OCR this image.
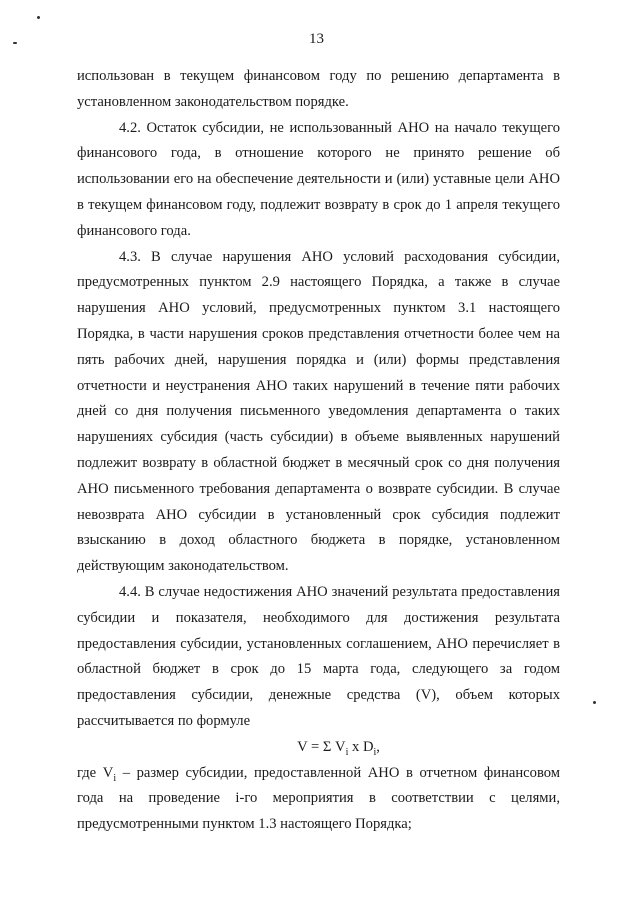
13

использован в текущем финансовом году по решению департамента в установленном законодательством порядке.

4.2. Остаток субсидии, не использованный АНО на начало текущего финансового года, в отношение которого не принято решение об использовании его на обеспечение деятельности и (или) уставные цели АНО в текущем финансовом году, подлежит возврату в срок до 1 апреля текущего финансового года.

4.3. В случае нарушения АНО условий расходования субсидии, предусмотренных пунктом 2.9 настоящего Порядка, а также в случае нарушения АНО условий, предусмотренных пунктом 3.1 настоящего Порядка, в части нарушения сроков представления отчетности более чем на пять рабочих дней, нарушения порядка и (или) формы представления отчетности и неустранения АНО таких нарушений в течение пяти рабочих дней со дня получения письменного уведомления департамента о таких нарушениях субсидия (часть субсидии) в объеме выявленных нарушений подлежит возврату в областной бюджет в месячный срок со дня получения АНО письменного требования департамента о возврате субсидии. В случае невозврата АНО субсидии в установленный срок субсидия подлежит взысканию в доход областного бюджета в порядке, установленном действующим законодательством.

4.4. В случае недостижения АНО значений результата предоставления субсидии и показателя, необходимого для достижения результата предоставления субсидии, установленных соглашением, АНО перечисляет в областной бюджет в срок до 15 марта года, следующего за годом предоставления субсидии, денежные средства (V), объем которых рассчитывается по формуле

V = Σ $V_i$ x $D_i$,

где $V_i$ – размер субсидии, предоставленной АНО в отчетном финансовом

года на проведение i-го мероприятия в соответствии с целями, предусмотренными пунктом 1.3 настоящего Порядка;
